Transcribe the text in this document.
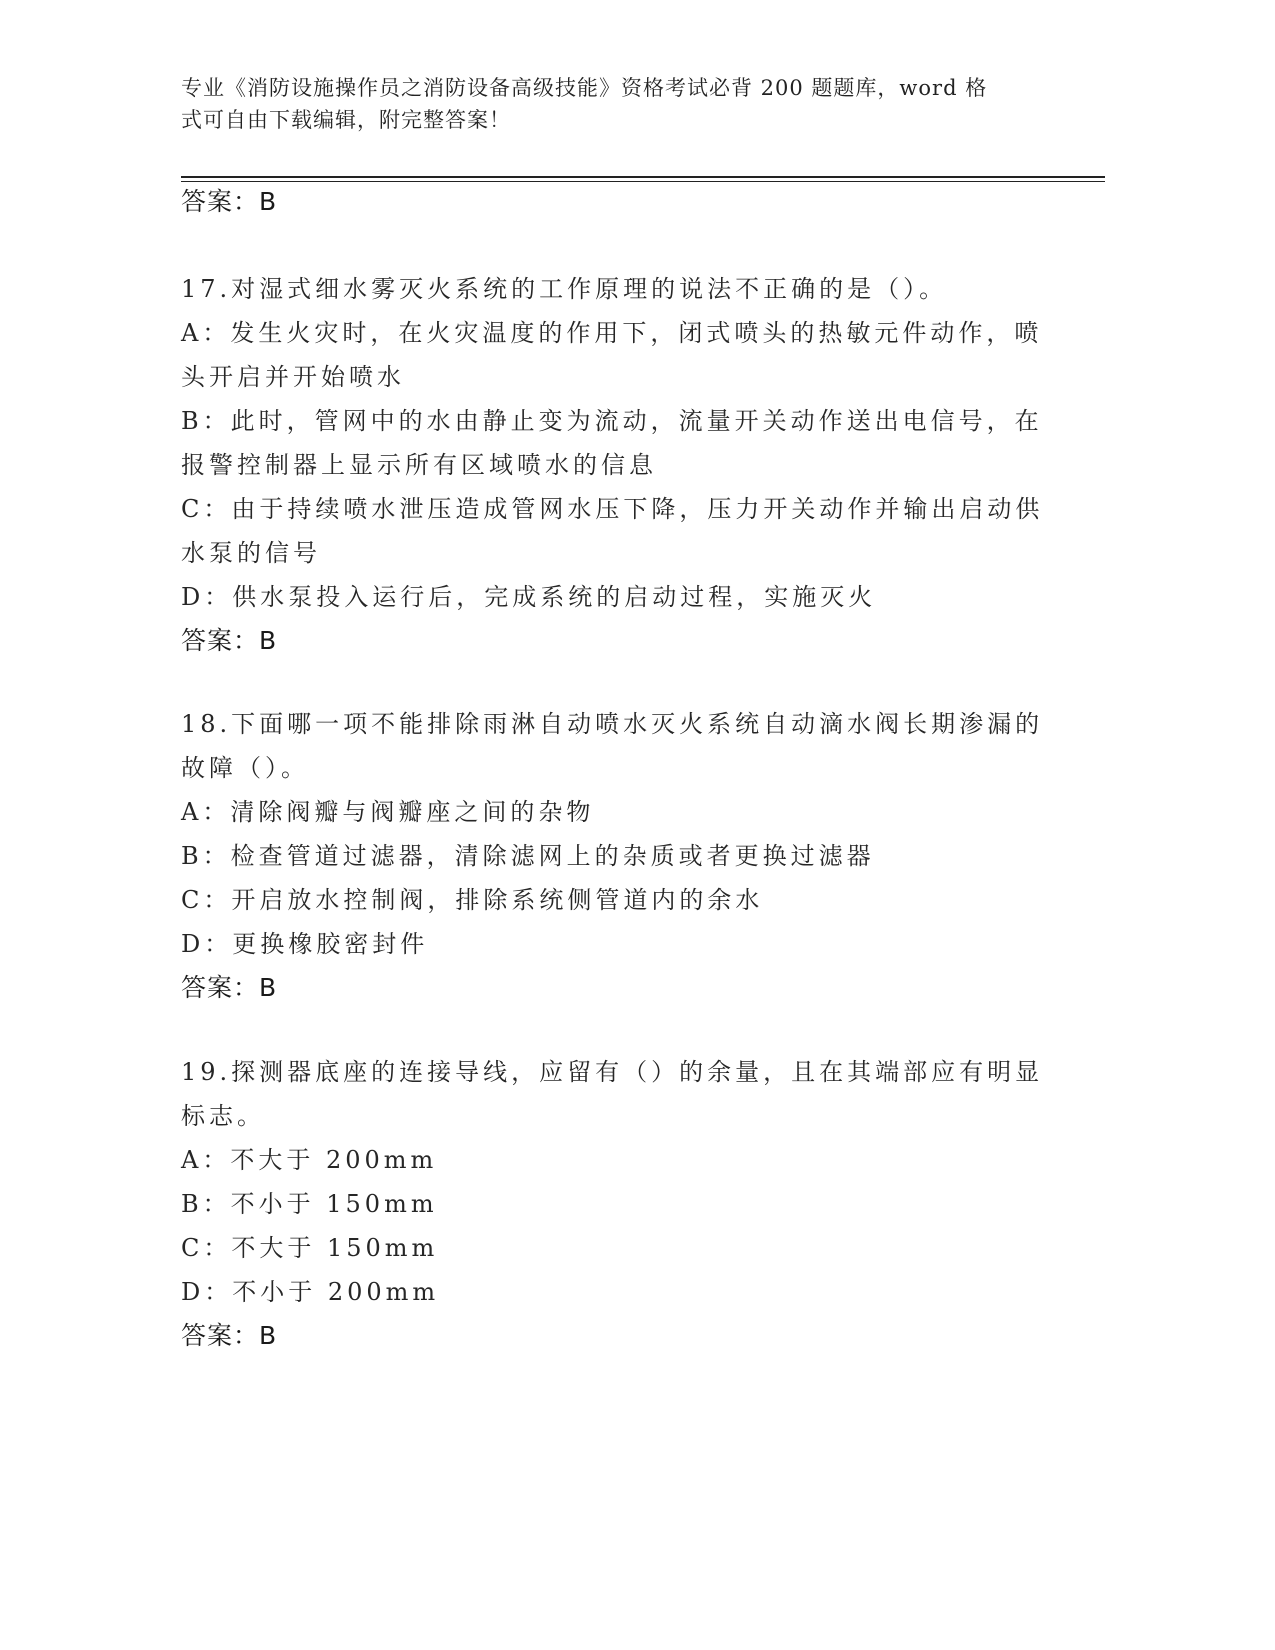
专业《消防设施操作员之消防设备高级技能》资格考试必背 200 题题库，word 格
式可自由下载编辑，附完整答案！
答案：B
17.对湿式细水雾灭火系统的工作原理的说法不正确的是（）。
A：发生火灾时，在火灾温度的作用下，闭式喷头的热敏元件动作，喷
头开启并开始喷水
B：此时，管网中的水由静止变为流动，流量开关动作送出电信号，在
报警控制器上显示所有区域喷水的信息
C：由于持续喷水泄压造成管网水压下降，压力开关动作并输出启动供
水泵的信号
D：供水泵投入运行后，完成系统的启动过程，实施灭火
答案：B
18.下面哪一项不能排除雨淋自动喷水灭火系统自动滴水阀长期渗漏的
故障（）。
A：清除阀瓣与阀瓣座之间的杂物
B：检查管道过滤器，清除滤网上的杂质或者更换过滤器
C：开启放水控制阀，排除系统侧管道内的余水
D：更换橡胶密封件
答案：B
19.探测器底座的连接导线，应留有（）的余量，且在其端部应有明显
标志。
A：不大于 200mm
B：不小于 150mm
C：不大于 150mm
D：不小于 200mm
答案：B
